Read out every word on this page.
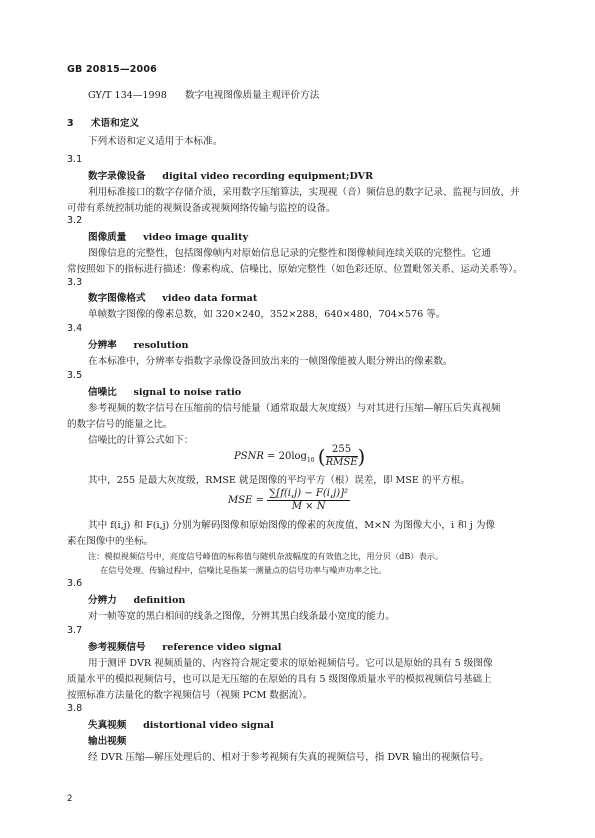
GB 20815—2006
GY/T 134—1998 数字电视图像质量主观评价方法
3 术语和定义
下列术语和定义适用于本标准。
3.1
数字录像设备 digital video recording equipment;DVR
利用标准接口的数字存储介质，采用数字压缩算法，实现视（音）频信息的数字记录、监视与回放，并
可带有系统控制功能的视频设备或视频网络传输与监控的设备。
3.2
图像质量 video image quality
图像信息的完整性，包括图像帧内对原始信息记录的完整性和图像帧间连续关联的完整性。它通
常按照如下的指标进行描述：像素构成、信噪比、原始完整性（如色彩还原、位置毗邻关系、运动关系等）。
3.3
数字图像格式 video data format
单帧数字图像的像素总数，如 320×240，352×288，640×480，704×576 等。
3.4
分辨率 resolution
在本标准中，分辨率专指数字录像设备回放出来的一帧图像能被人眼分辨出的像素数。
3.5
信噪比 signal to noise ratio
参考视频的数字信号在压缩前的信号能量（通常取最大灰度级）与对其进行压缩—解压后失真视频
的数字信号的能量之比。
信噪比的计算公式如下：
PSNR = $20\log_{10}$ ( $\frac{255}{\text{RMSE}}$ )
其中，255 是最大灰度级，RMSE 就是图像的平均平方（根）误差，即 MSE 的平方根。
MSE = $\frac{\text{∑[f(i,j) − F(i,j)]²}}{M \times N}$
其中 f(i,j) 和 F(i,j) 分别为解码图像和原始图像的像素的灰度值，M×N 为图像大小，i 和 j 为像
素在图像中的坐标。
注：模拟视频信号中，亮度信号峰值的标称值与随机杂波幅度的有效值之比，用分贝（dB）表示。
在信号处理、传输过程中，信噪比是指某一测量点的信号功率与噪声功率之比。
3.6
分辨力 definition
对一帧等宽的黑白相间的线条之图像，分辨其黑白线条最小宽度的能力。
3.7
参考视频信号 reference video signal
用于测评 DVR 视频质量的、内容符合规定要求的原始视频信号。它可以是原始的具有 5 级图像
质量水平的模拟视频信号，也可以是无压缩的在原始的具有 5 级图像质量水平的模拟视频信号基础上
按照标准方法量化的数字视频信号（视频 PCM 数据流）。
3.8
失真视频 distortional video signal
输出视频
经 DVR 压缩—解压处理后的、相对于参考视频有失真的视频信号，指 DVR 输出的视频信号。
2
